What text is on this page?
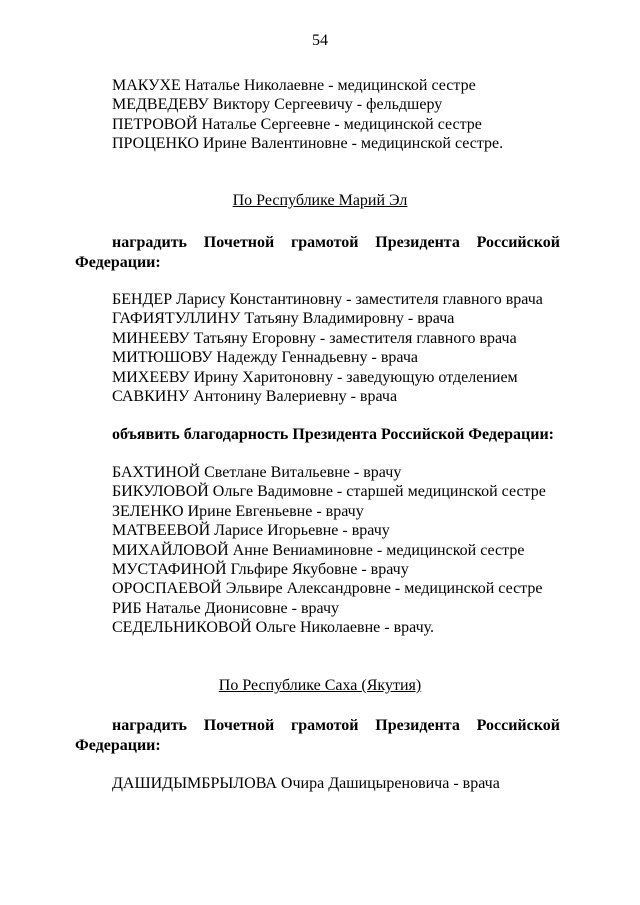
54
МАКУХЕ Наталье Николаевне - медицинской сестре
МЕДВЕДЕВУ Виктору Сергеевичу - фельдшеру
ПЕТРОВОЙ Наталье Сергеевне - медицинской сестре
ПРОЦЕНКО Ирине Валентиновне - медицинской сестре.
По Республике Марий Эл
наградить Почетной грамотой Президента Российской
Федерации:
БЕНДЕР Ларису Константиновну - заместителя главного врача
ГАФИЯТУЛЛИНУ Татьяну Владимировну - врача
МИНЕЕВУ Татьяну Егоровну - заместителя главного врача
МИТЮШОВУ Надежду Геннадьевну - врача
МИХЕЕВУ Ирину Харитоновну - заведующую отделением
САВКИНУ Антонину Валериевну - врача
объявить благодарность Президента Российской Федерации:
БАХТИНОЙ Светлане Витальевне - врачу
БИКУЛОВОЙ Ольге Вадимовне - старшей медицинской сестре
ЗЕЛЕНКО Ирине Евгеньевне - врачу
МАТВЕЕВОЙ Ларисе Игорьевне - врачу
МИХАЙЛОВОЙ Анне Вениаминовне - медицинской сестре
МУСТАФИНОЙ Гльфире Якубовне - врачу
ОРОСПАЕВОЙ Эльвире Александровне - медицинской сестре
РИБ Наталье Дионисовне - врачу
СЕДЕЛЬНИКОВОЙ Ольге Николаевне - врачу.
По Республике Саха (Якутия)
наградить Почетной грамотой Президента Российской
Федерации:
ДАШИДЫМБРЫЛОВА Очира Дашицыреновича - врача
